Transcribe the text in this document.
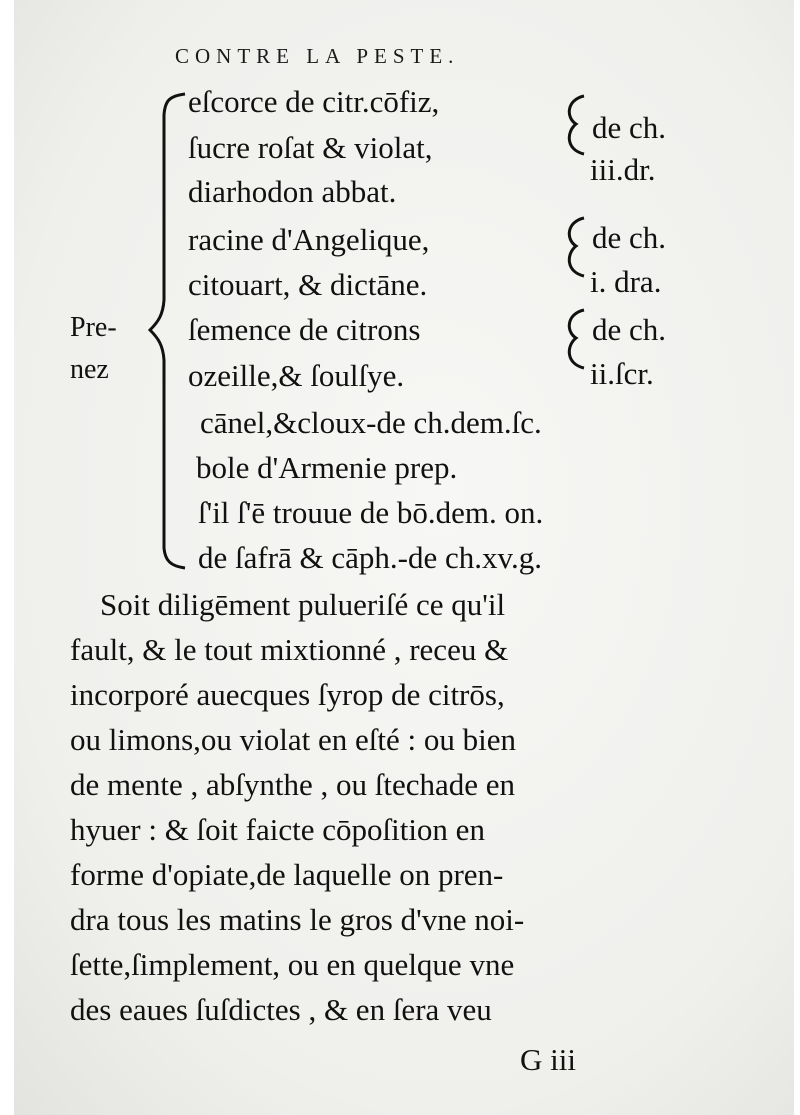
CONTRE LA PESTE.
Pre-
nez
eſcorce de citr.cōfiz,
ſucre roſat & violat,
diarhodon abbat.
racine d'Angelique,
citouart, & dictāne.
ſemence de citrons
ozeille,& ſoulſye.
cānel,&cloux-de ch.dem.ſc.
bole d'Armenie prep.
ſ'il ſ'ē trouue de bō.dem. on.
de ſafrā & cāph.-de ch.xv.g.
de ch.
iii.dr.
de ch.
i. dra.
de ch.
ii.ſcr.
Soit diligēment pulueriſé ce qu'il
fault, & le tout mixtionné , receu &
incorporé auecques ſyrop de citrōs,
ou limons,ou violat en eſté : ou bien
de mente , abſynthe , ou ſtechade en
hyuer : & ſoit faicte cōpoſition en
forme d'opiate,de laquelle on pren-
dra tous les matins le gros d'vne noi-
ſette,ſimplement, ou en quelque vne
des eaues ſuſdictes , & en ſera veu
G iii
